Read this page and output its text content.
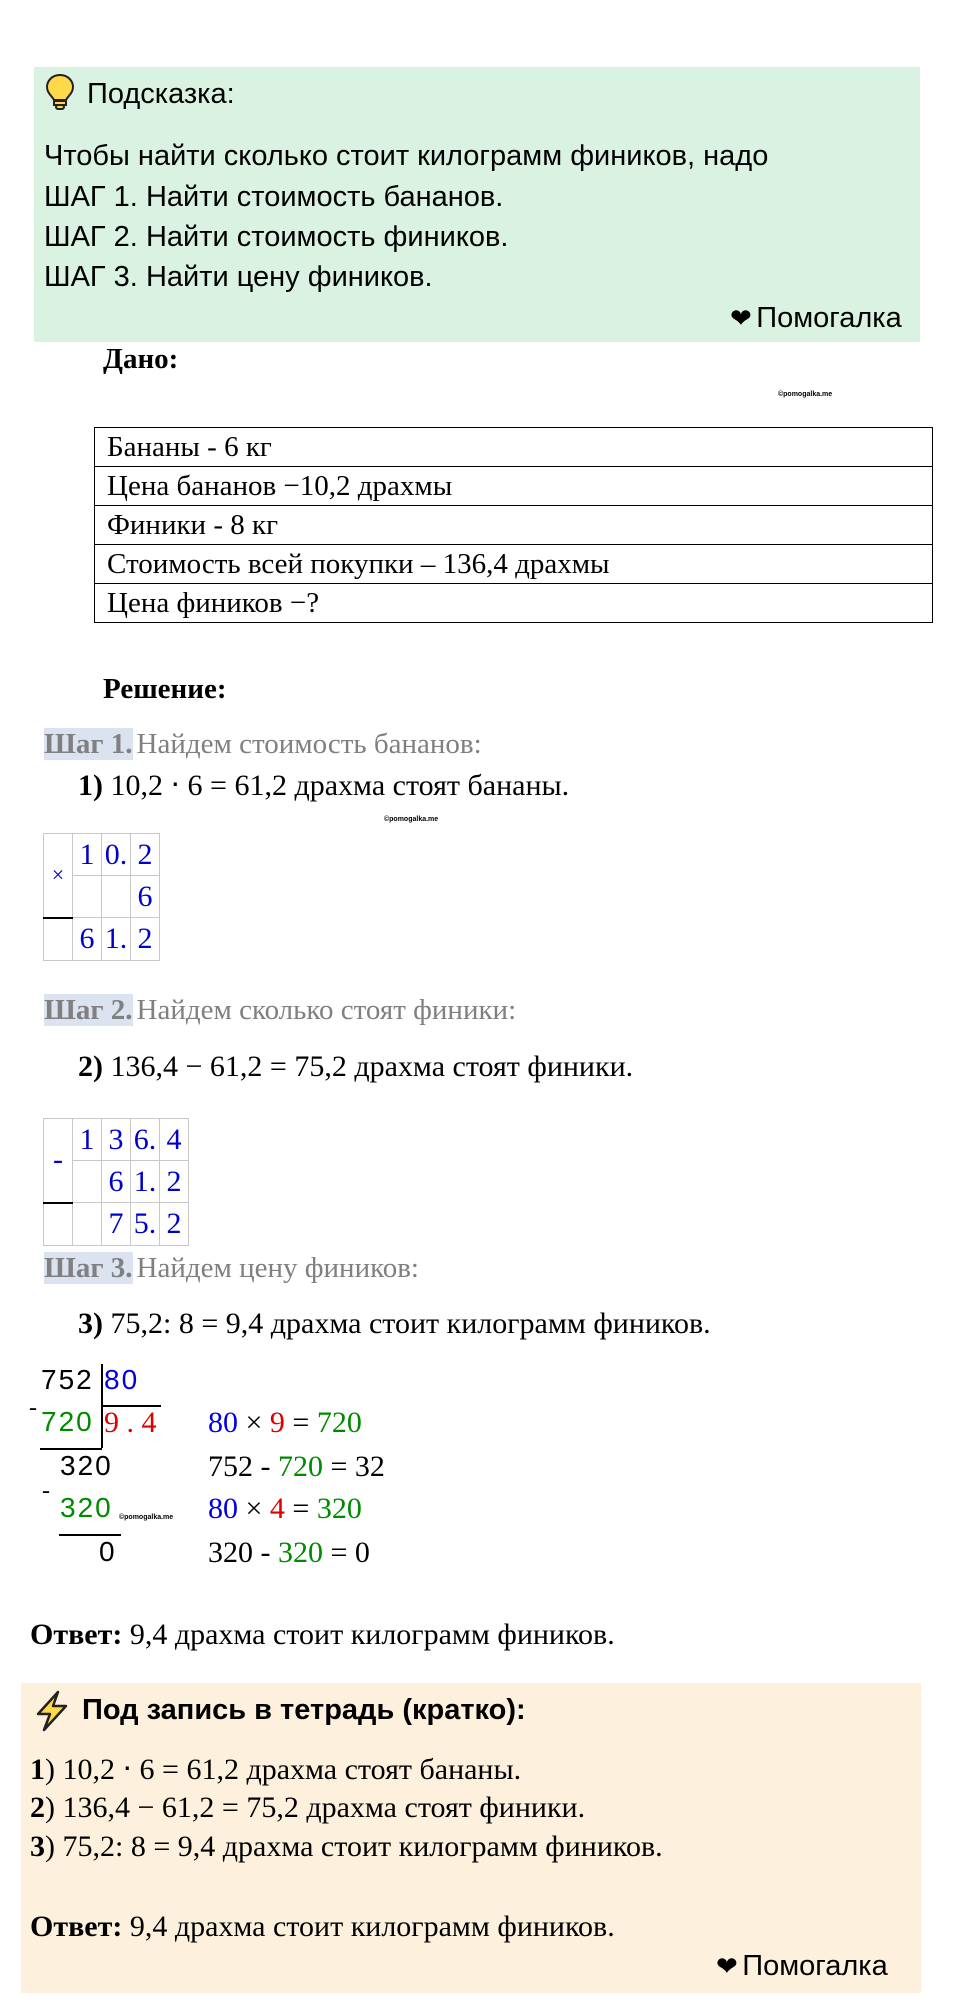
Подсказка:
Чтобы найти сколько стоит килограмм фиников, надо
ШАГ 1. Найти стоимость бананов.
ШАГ 2. Найти стоимость фиников.
ШАГ 3. Найти цену фиников.
❤ Помогалка
Дано:
©pomogalka.me
Бананы - 6 кг
Цена бананов −10,2 драхмы
Финики - 8 кг
Стоимость всей покупки – 136,4 драхмы
Цена фиников −?
Решение:
Шаг 1. Найдем стоимость бананов:
1) 10,2 ⋅ 6 = 61,2 драхма стоят бананы.
©pomogalka.me
×	1	0.	2
			6
	6	1.	2
Шаг 2. Найдем сколько стоят финики:
2) 136,4 − 61,2 = 75,2 драхма стоят финики.
-	1	3	6.	4
		6	1.	2
		7	5.	2
Шаг 3. Найдем цену фиников:
3) 75,2: 8 = 9,4 драхма стоит килограмм фиников.
752 80
- 720 9 . 4
320
-
320 ©pomogalka.me
0
80 × 9 = 720
752 - 720 = 32
80 × 4 = 320
320 - 320 = 0
Ответ: 9,4 драхма стоит килограмм фиников.
Под запись в тетрадь (кратко):
1) 10,2 ⋅ 6 = 61,2 драхма стоят бананы.
2) 136,4 − 61,2 = 75,2 драхма стоят финики.
3) 75,2: 8 = 9,4 драхма стоит килограмм фиников.
Ответ: 9,4 драхма стоит килограмм фиников.
❤ Помогалка
